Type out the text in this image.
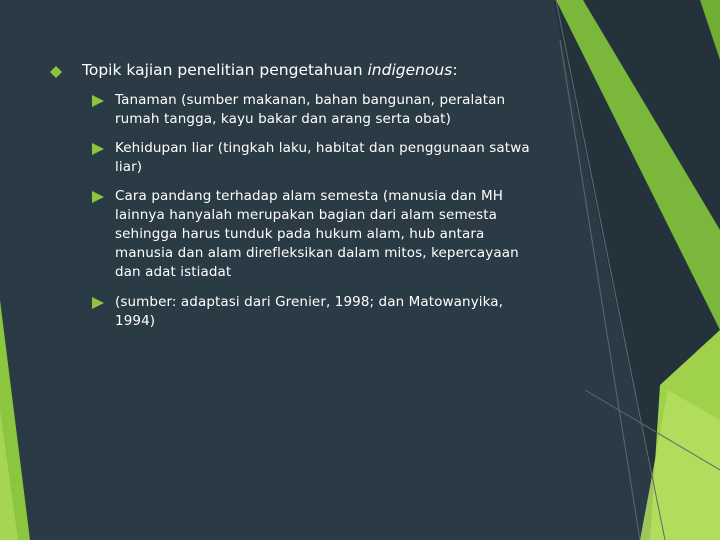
Topik kajian penelitian pengetahuan indigenous:
Tanaman (sumber makanan, bahan bangunan, peralatan rumah tangga, kayu bakar dan arang serta obat)
Kehidupan liar (tingkah laku, habitat dan penggunaan satwa liar)
Cara pandang terhadap alam semesta (manusia dan MH lainnya hanyalah merupakan bagian dari alam semesta sehingga harus tunduk pada hukum alam, hub antara manusia dan alam direfleksikan dalam mitos, kepercayaan dan adat istiadat
(sumber: adaptasi dari Grenier, 1998; dan Matowanyika, 1994)
